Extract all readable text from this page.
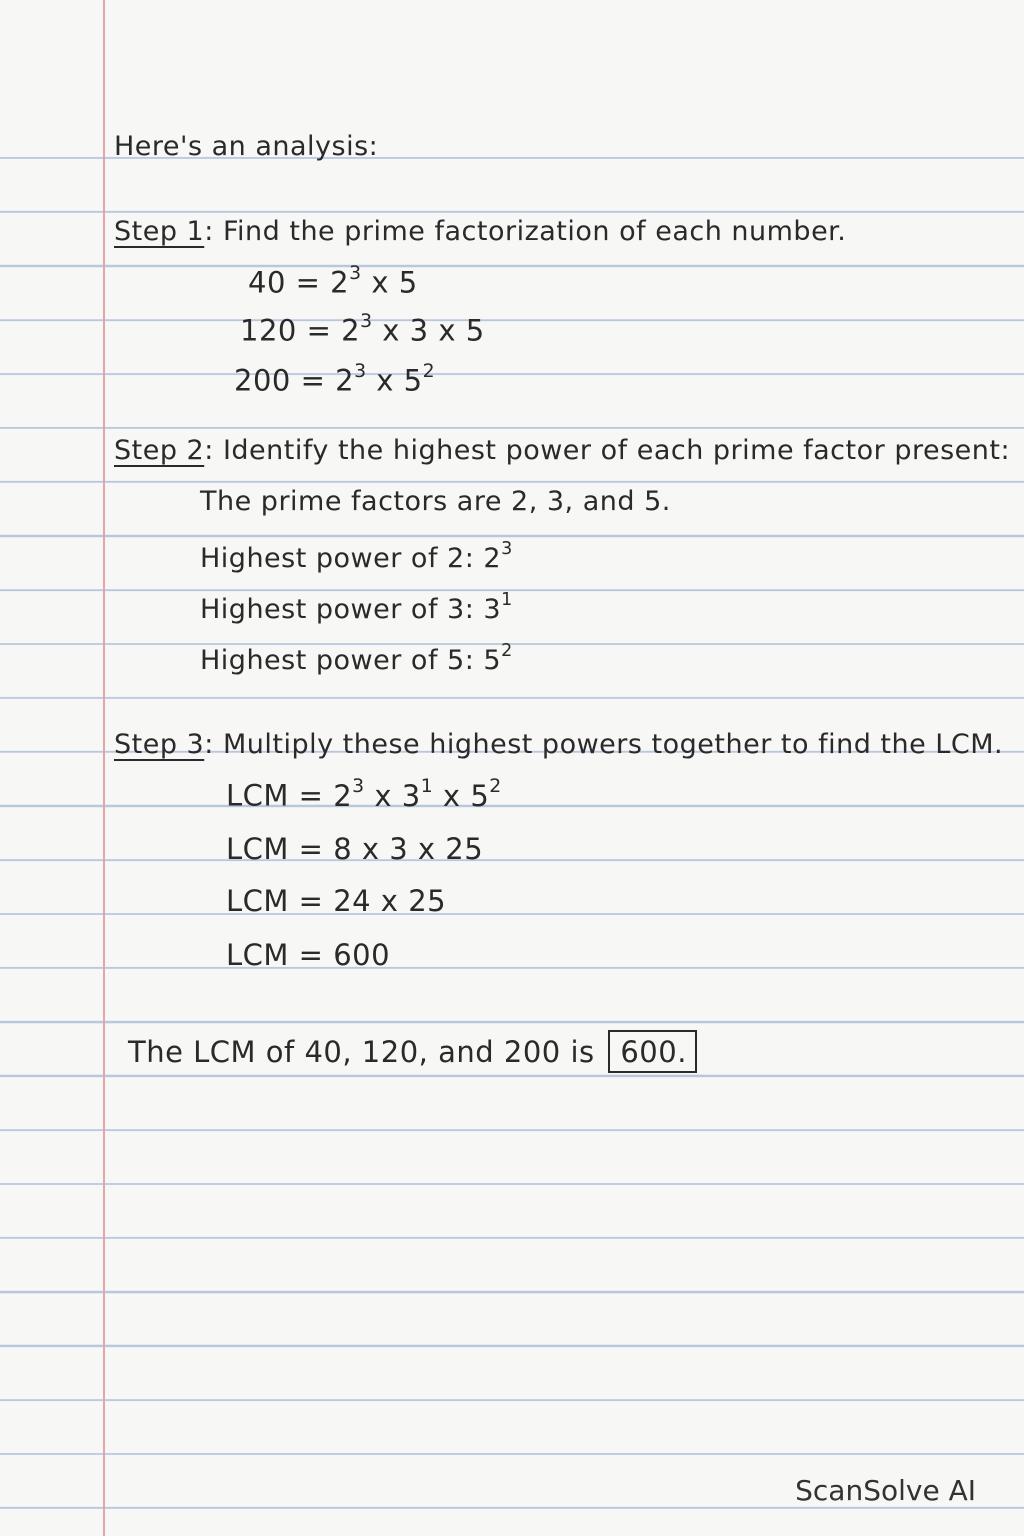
Here's an analysis:
Step 1: Find the prime factorization of each number.
$40 = 2^3$ x 5
$120 = 2^3$ x 3 x 5
$200 = 2^3$ x $5^2$
Step 2: Identify the highest power of each prime factor present:
The prime factors are 2, 3, and 5.
Highest power of 2: $2^3$
Highest power of 3: $3^1$
Highest power of 5: $5^2$
Step 3: Multiply these highest powers together to find the LCM.
LCM = $2^3$ x $3^1$ x $5^2$
LCM = 8 x 3 x 25
LCM = 24 x 25
LCM = 600
The LCM of 40, 120, and 200 is 600.
ScanSolve AI
